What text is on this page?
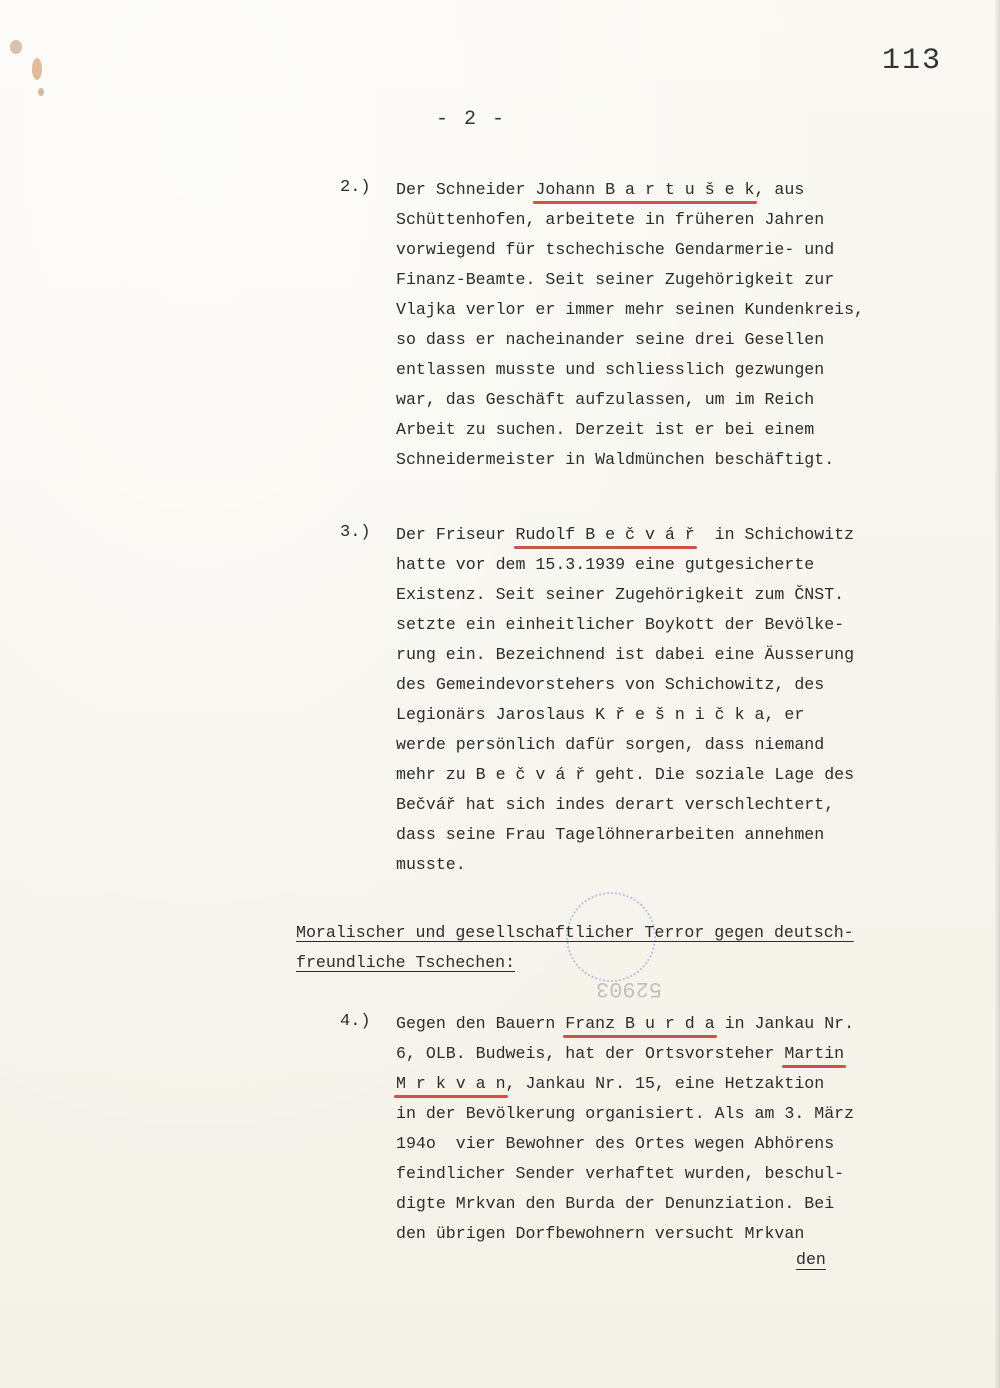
113
- 2 -
2.) Der Schneider Johann B a r t u š e k, aus
Schüttenhofen, arbeitete in früheren Jahren
vorwiegend für tschechische Gendarmerie- und
Finanz-Beamte. Seit seiner Zugehörigkeit zur
Vlajka verlor er immer mehr seinen Kundenkreis,
so dass er nacheinander seine drei Gesellen
entlassen musste und schliesslich gezwungen
war, das Geschäft aufzulassen, um im Reich
Arbeit zu suchen. Derzeit ist er bei einem
Schneidermeister in Waldmünchen beschäftigt.
3.) Der Friseur Rudolf B e č v á ř  in Schichowitz
hatte vor dem 15.3.1939 eine gutgesicherte
Existenz. Seit seiner Zugehörigkeit zum ČNST.
setzte ein einheitlicher Boykott der Bevölke-
rung ein. Bezeichnend ist dabei eine Äusserung
des Gemeindevorstehers von Schichowitz, des
Legionärs Jaroslaus K ř e š n i č k a, er
werde persönlich dafür sorgen, dass niemand
mehr zu B e č v á ř geht. Die soziale Lage des
Bečvář hat sich indes derart verschlechtert,
dass seine Frau Tagelöhnerarbeiten annehmen
musste.
52903
Moralischer und gesellschaftlicher Terror gegen deutsch-
freundliche Tschechen:
4.) Gegen den Bauern Franz B u r d a in Jankau Nr.
6, OLB. Budweis, hat der Ortsvorsteher Martin
M r k v a n, Jankau Nr. 15, eine Hetzaktion
in der Bevölkerung organisiert. Als am 3. März
194o  vier Bewohner des Ortes wegen Abhörens
feindlicher Sender verhaftet wurden, beschul-
digte Mrkvan den Burda der Denunziation. Bei
den übrigen Dorfbewohnern versucht Mrkvan
den
